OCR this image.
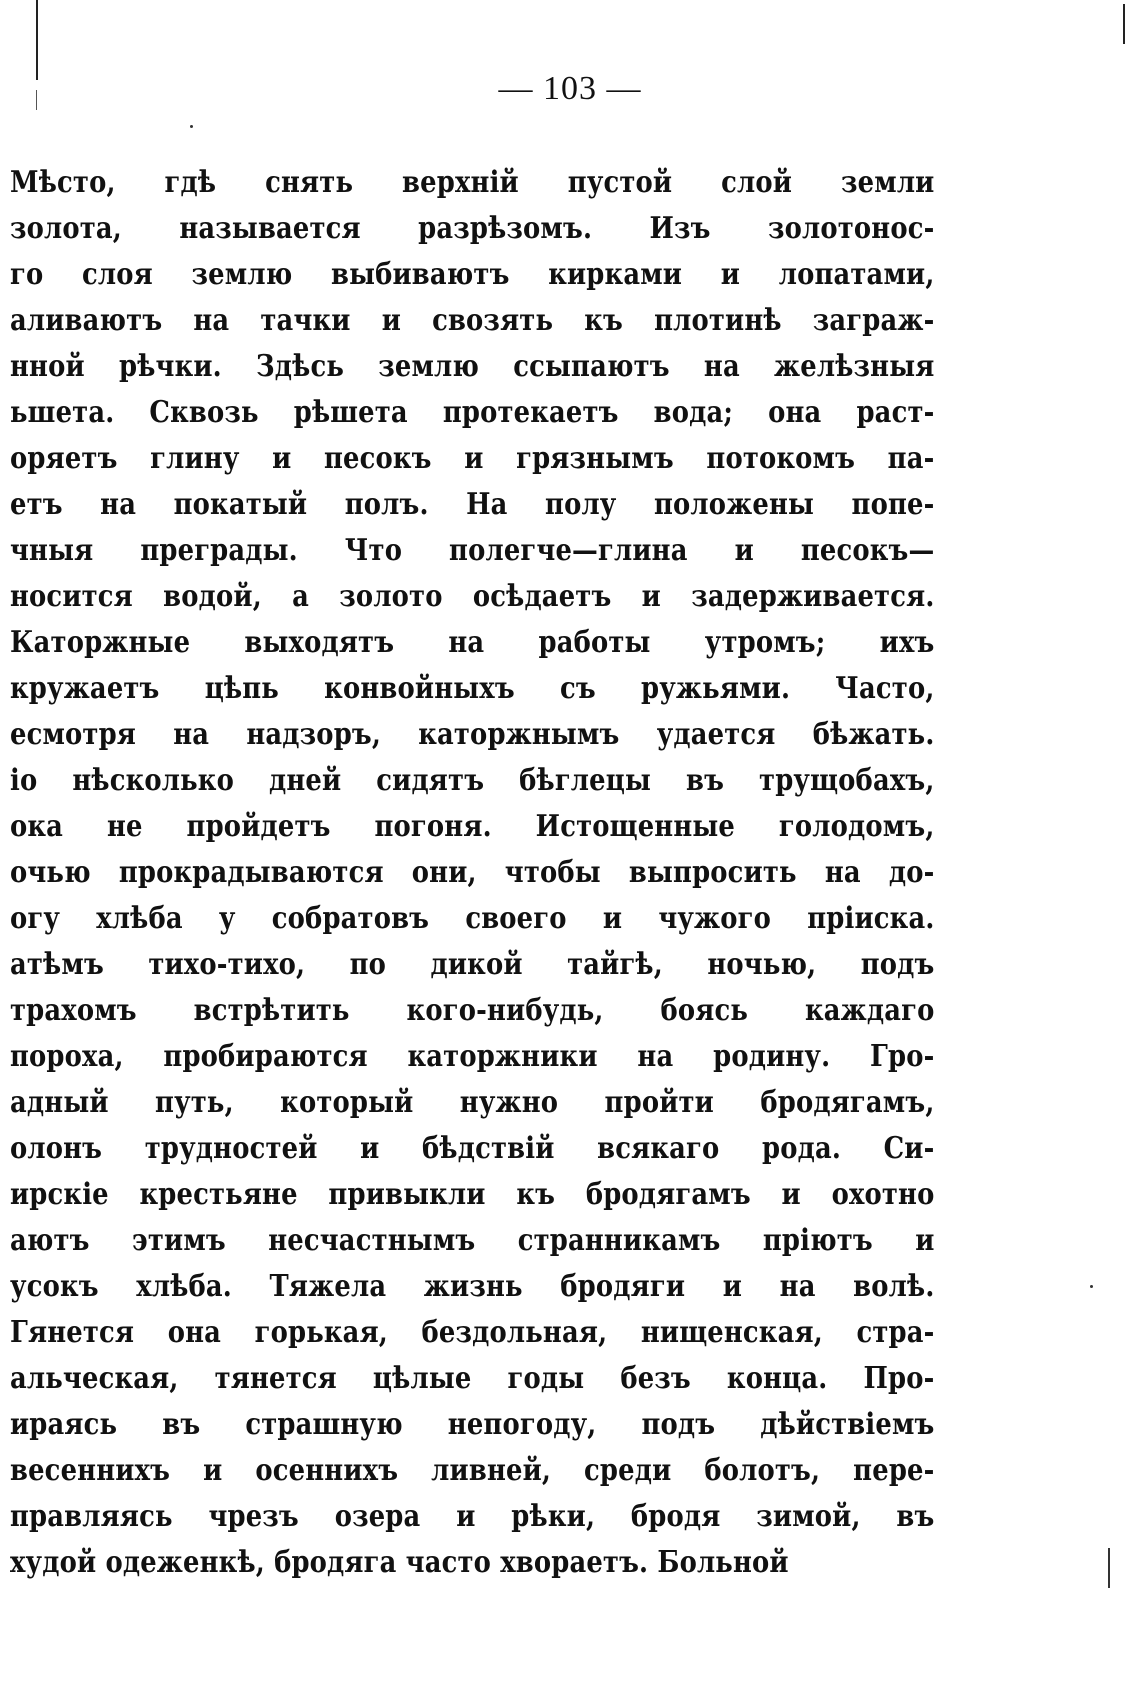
— 103 —
Мѣсто, гдѣ снять верхній пустой слой земли
золота, называется разрѣзомъ. Изъ золотонос-
го слоя землю выбиваютъ кирками и лопатами,
аливаютъ на тачки и свозять къ плотинѣ заграж-
нной рѣчки. Здѣсь землю ссыпаютъ на желѣзныя
ьшета. Сквозь рѣшета протекаетъ вода; она раст-
оряетъ глину и песокъ и грязнымъ потокомъ па-
етъ на покатый полъ. На полу положены попе-
чныя преграды. Что полегче—глина и песокъ—
носится водой, а золото осѣдаетъ и задерживается.
Каторжные выходятъ на работы утромъ; ихъ
кружаетъ цѣпь конвойныхъ съ ружьями. Часто,
есмотря на надзоръ, каторжнымъ удается бѣжать.
іо нѣсколько дней сидятъ бѣглецы въ трущобахъ,
ока не пройдетъ погоня. Истощенные голодомъ,
очью прокрадываются они, чтобы выпросить на до-
огу хлѣба у собратовъ своего и чужого пріиска.
атѣмъ тихо-тихо, по дикой тайгѣ, ночью, подъ
трахомъ встрѣтить кого-нибудь, боясь каждаго
пороха, пробираются каторжники на родину. Гро-
адный путь, который нужно пройти бродягамъ,
олонъ трудностей и бѣдствій всякаго рода. Си-
ирскіе крестьяне привыкли къ бродягамъ и охотно
аютъ этимъ несчастнымъ странникамъ пріютъ и
усокъ хлѣба. Тяжела жизнь бродяги и на волѣ.
Гянется она горькая, бездольная, нищенская, стра-
альческая, тянется цѣлые годы безъ конца. Про-
ираясь въ страшную непогоду, подъ дѣйствіемъ
весеннихъ и осеннихъ ливней, среди болотъ, пере-
правляясь чрезъ озера и рѣки, бродя зимой, въ
худой одеженкѣ, бродяга часто хвораетъ. Больной
